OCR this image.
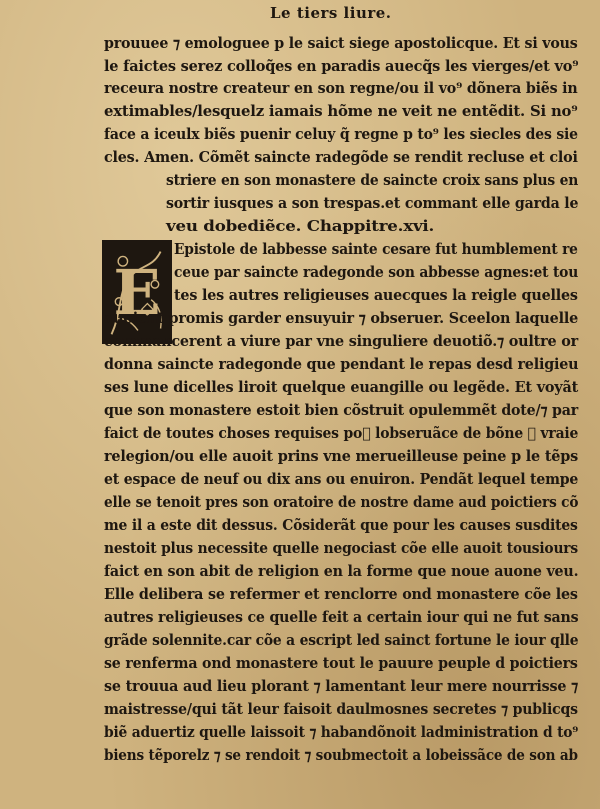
Le tiers liure.
E
prouuee ⁊ emologuee p le saict siege apostolicque. Et si vous
le faictes serez colloq̃es en paradis auecq̃s les vierges/et vo⁹
receura nostre createur en son regne/ou il vo⁹ dõnera biẽs in
extimables/lesquelz iamais hõme ne veit ne entẽdit. Si no⁹
face a iceulx biẽs puenir celuy q̃ regne p to⁹ les siecles des sie
cles. Amen. Cõmẽt saincte radegõde se rendit recluse et cloi
striere en son monastere de saincte croix sans plus en
sortir iusques a son trespas.et commant elle garda le
veu dobediẽce. Chappitre.xvi.
Epistole de labbesse sainte cesare fut humblement re
ceue par saincte radegonde son abbesse agnes:et tou
tes les autres religieuses auecques la reigle quelles
auoient promis garder ensuyuir ⁊ obseruer. Sceelon laquelle
commancerent a viure par vne singuliere deuotiõ.⁊ oultre or
donna saincte radegonde que pendant le repas desd religieu
ses lune dicelles liroit quelque euangille ou legẽde. Et voyãt
que son monastere estoit bien cõstruit opulemmẽt dote/⁊ par
faict de toutes choses requises po᷑ lobseruãce de bõne ⁊ vraie
relegion/ou elle auoit prins vne merueilleuse peine p le tẽps
et espace de neuf ou dix ans ou enuiron. Pendãt lequel tempe
elle se tenoit pres son oratoire de nostre dame aud poictiers cõ
me il a este dit dessus. Cõsiderãt que pour les causes susdites
nestoit plus necessite quelle negociast cõe elle auoit tousiours
faict en son abit de religion en la forme que noue auone veu.
Elle delibera se refermer et renclorre ond monastere cõe les
autres religieuses ce quelle feit a certain iour qui ne fut sans
grãde solennite.car cõe a escript led sainct fortune le iour qlle
se renferma ond monastere tout le pauure peuple d poictiers
se trouua aud lieu plorant ⁊ lamentant leur mere nourrisse ⁊
maistresse/qui tãt leur faisoit daulmosnes secretes ⁊ publicqs
biẽ aduertiz quelle laissoit ⁊ habandõnoit ladministration d to⁹
biens tẽporelz ⁊ se rendoit ⁊ soubmectoit a lobeissãce de son ab
